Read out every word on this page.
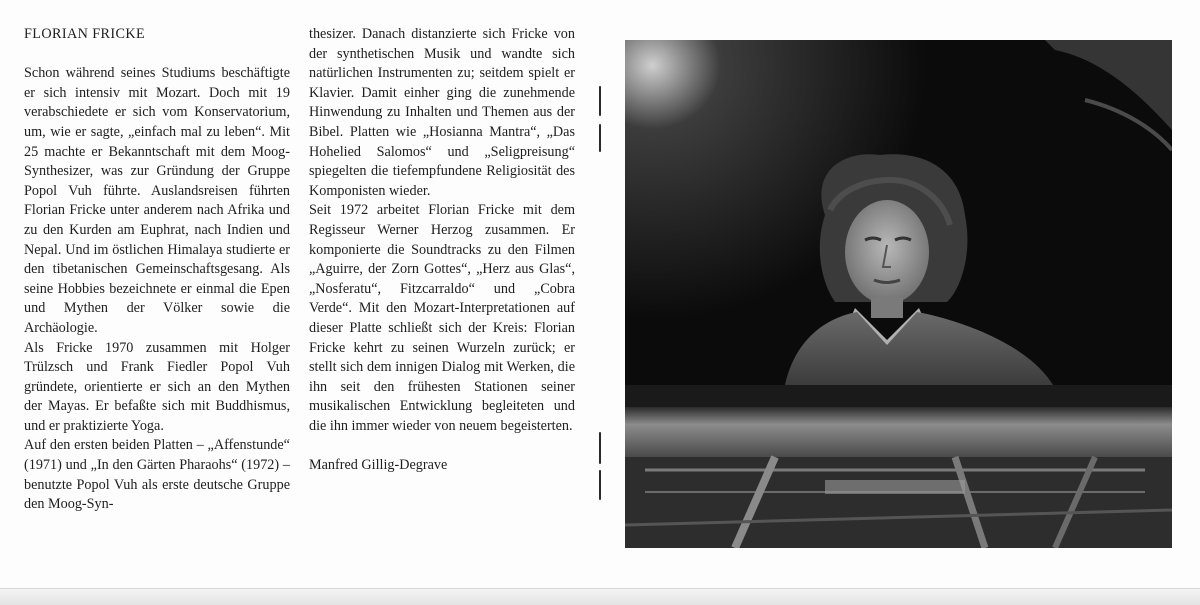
FLORIAN FRICKE

Schon während seines Studiums beschäftigte er sich intensiv mit Mozart. Doch mit 19 verabschiedete er sich vom Konservatorium, um, wie er sagte, „einfach mal zu leben“. Mit 25 machte er Bekanntschaft mit dem Moog-Synthesizer, was zur Gründung der Gruppe Popol Vuh führte. Auslandsreisen führten Florian Fricke unter anderem nach Afrika und zu den Kurden am Euphrat, nach Indien und Nepal. Und im östlichen Himalaya studierte er den tibetanischen Gemeinschaftsgesang. Als seine Hobbies bezeichnete er einmal die Epen und Mythen der Völker sowie die Archäologie.

Als Fricke 1970 zusammen mit Holger Trülzsch und Frank Fiedler Popol Vuh gründete, orientierte er sich an den Mythen der Mayas. Er befaßte sich mit Buddhismus, und er praktizierte Yoga.

Auf den ersten beiden Platten – „Affenstunde“ (1971) und „In den Gärten Pharaohs“ (1972) – benutzte Popol Vuh als erste deutsche Gruppe den Moog-Syn-

thesizer. Danach distanzierte sich Fricke von der synthetischen Musik und wandte sich natürlichen Instrumenten zu; seitdem spielt er Klavier. Damit einher ging die zunehmende Hinwendung zu Inhalten und Themen aus der Bibel. Platten wie „Hosianna Mantra“, „Das Hohelied Salomos“ und „Seligpreisung“ spiegelten die tiefempfundene Religiosität des Komponisten wieder.

Seit 1972 arbeitet Florian Fricke mit dem Regisseur Werner Herzog zusammen. Er komponierte die Soundtracks zu den Filmen „Aguirre, der Zorn Gottes“, „Herz aus Glas“, „Nosferatu“, Fitzcarraldo“ und „Cobra Verde“. Mit den Mozart-Interpretationen auf dieser Platte schließt sich der Kreis: Florian Fricke kehrt zu seinen Wurzeln zurück; er stellt sich dem innigen Dialog mit Werken, die ihn seit den frühesten Stationen seiner musikalischen Entwicklung begleiteten und die ihn immer wieder von neuem begeisterten.

Manfred Gillig-Degrave
